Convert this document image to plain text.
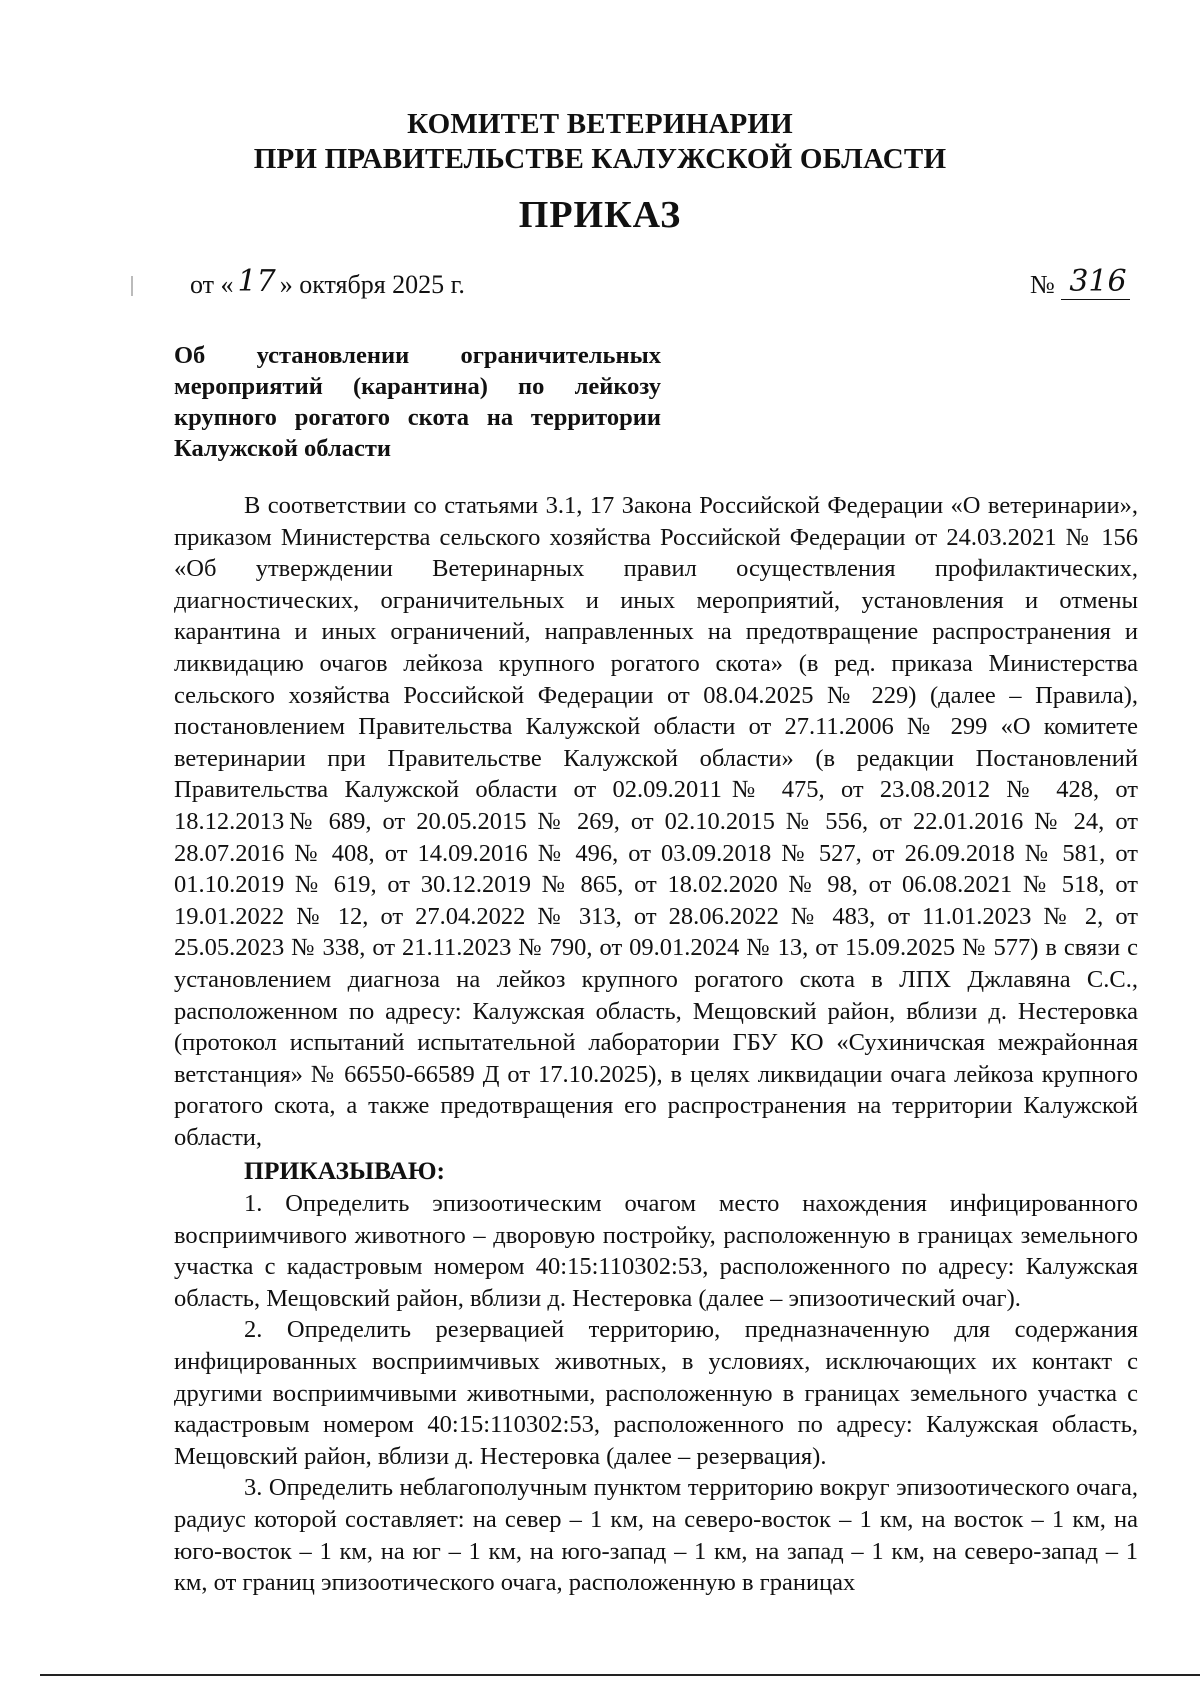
КОМИТЕТ ВЕТЕРИНАРИИ
ПРИ ПРАВИТЕЛЬСТВЕ КАЛУЖСКОЙ ОБЛАСТИ
ПРИКАЗ
от « 17 » октября 2025 г.	№ 316
Об установлении ограничительных мероприятий (карантина) по лейкозу крупного рогатого скота на территории Калужской области

В соответствии со статьями 3.1, 17 Закона Российской Федерации «О ветеринарии», приказом Министерства сельского хозяйства Российской Федерации от 24.03.2021 № 156 «Об утверждении Ветеринарных правил осуществления профилактических, диагностических, ограничительных и иных мероприятий, установления и отмены карантина и иных ограничений, направленных на предотвращение распространения и ликвидацию очагов лейкоза крупного рогатого скота» (в ред. приказа Министерства сельского хозяйства Российской Федерации от 08.04.2025 № 229) (далее – Правила), постановлением Правительства Калужской области от 27.11.2006 № 299 «О комитете ветеринарии при Правительстве Калужской области» (в редакции Постановлений Правительства Калужской области от 02.09.2011№ 475, от 23.08.2012 № 428, от 18.12.2013№ 689, от 20.05.2015 № 269, от 02.10.2015 № 556, от 22.01.2016 № 24, от 28.07.2016 № 408, от 14.09.2016 № 496, от 03.09.2018 № 527, от 26.09.2018 № 581, от 01.10.2019 № 619, от 30.12.2019 № 865, от 18.02.2020 № 98, от 06.08.2021 № 518, от 19.01.2022 № 12, от 27.04.2022 № 313, от 28.06.2022 № 483, от 11.01.2023 № 2, от 25.05.2023 № 338, от 21.11.2023 № 790, от 09.01.2024 № 13, от 15.09.2025 № 577) в связи с установлением диагноза на лейкоз крупного рогатого скота в ЛПХ Джлавяна С.С., расположенном по адресу: Калужская область, Мещовский район, вблизи д. Нестеровка (протокол испытаний испытательной лаборатории ГБУ КО «Сухиничская межрайонная ветстанция» № 66550-66589 Д от 17.10.2025), в целях ликвидации очага лейкоза крупного рогатого скота, а также предотвращения его распространения на территории Калужской области,

ПРИКАЗЫВАЮ:

1. Определить эпизоотическим очагом место нахождения инфицированного восприимчивого животного – дворовую постройку, расположенную в границах земельного участка с кадастровым номером 40:15:110302:53, расположенного по адресу: Калужская область, Мещовский район, вблизи д. Нестеровка (далее – эпизоотический очаг).

2. Определить резервацией территорию, предназначенную для содержания инфицированных восприимчивых животных, в условиях, исключающих их контакт с другими восприимчивыми животными, расположенную в границах земельного участка с кадастровым номером 40:15:110302:53, расположенного по адресу: Калужская область, Мещовский район, вблизи д. Нестеровка (далее – резервация).

3. Определить неблагополучным пунктом территорию вокруг эпизоотического очага, радиус которой составляет: на север – 1 км, на северо-восток – 1 км, на восток – 1 км, на юго-восток – 1 км, на юг – 1 км, на юго-запад – 1 км, на запад – 1 км, на северо-запад – 1 км, от границ эпизоотического очага, расположенную в границах
